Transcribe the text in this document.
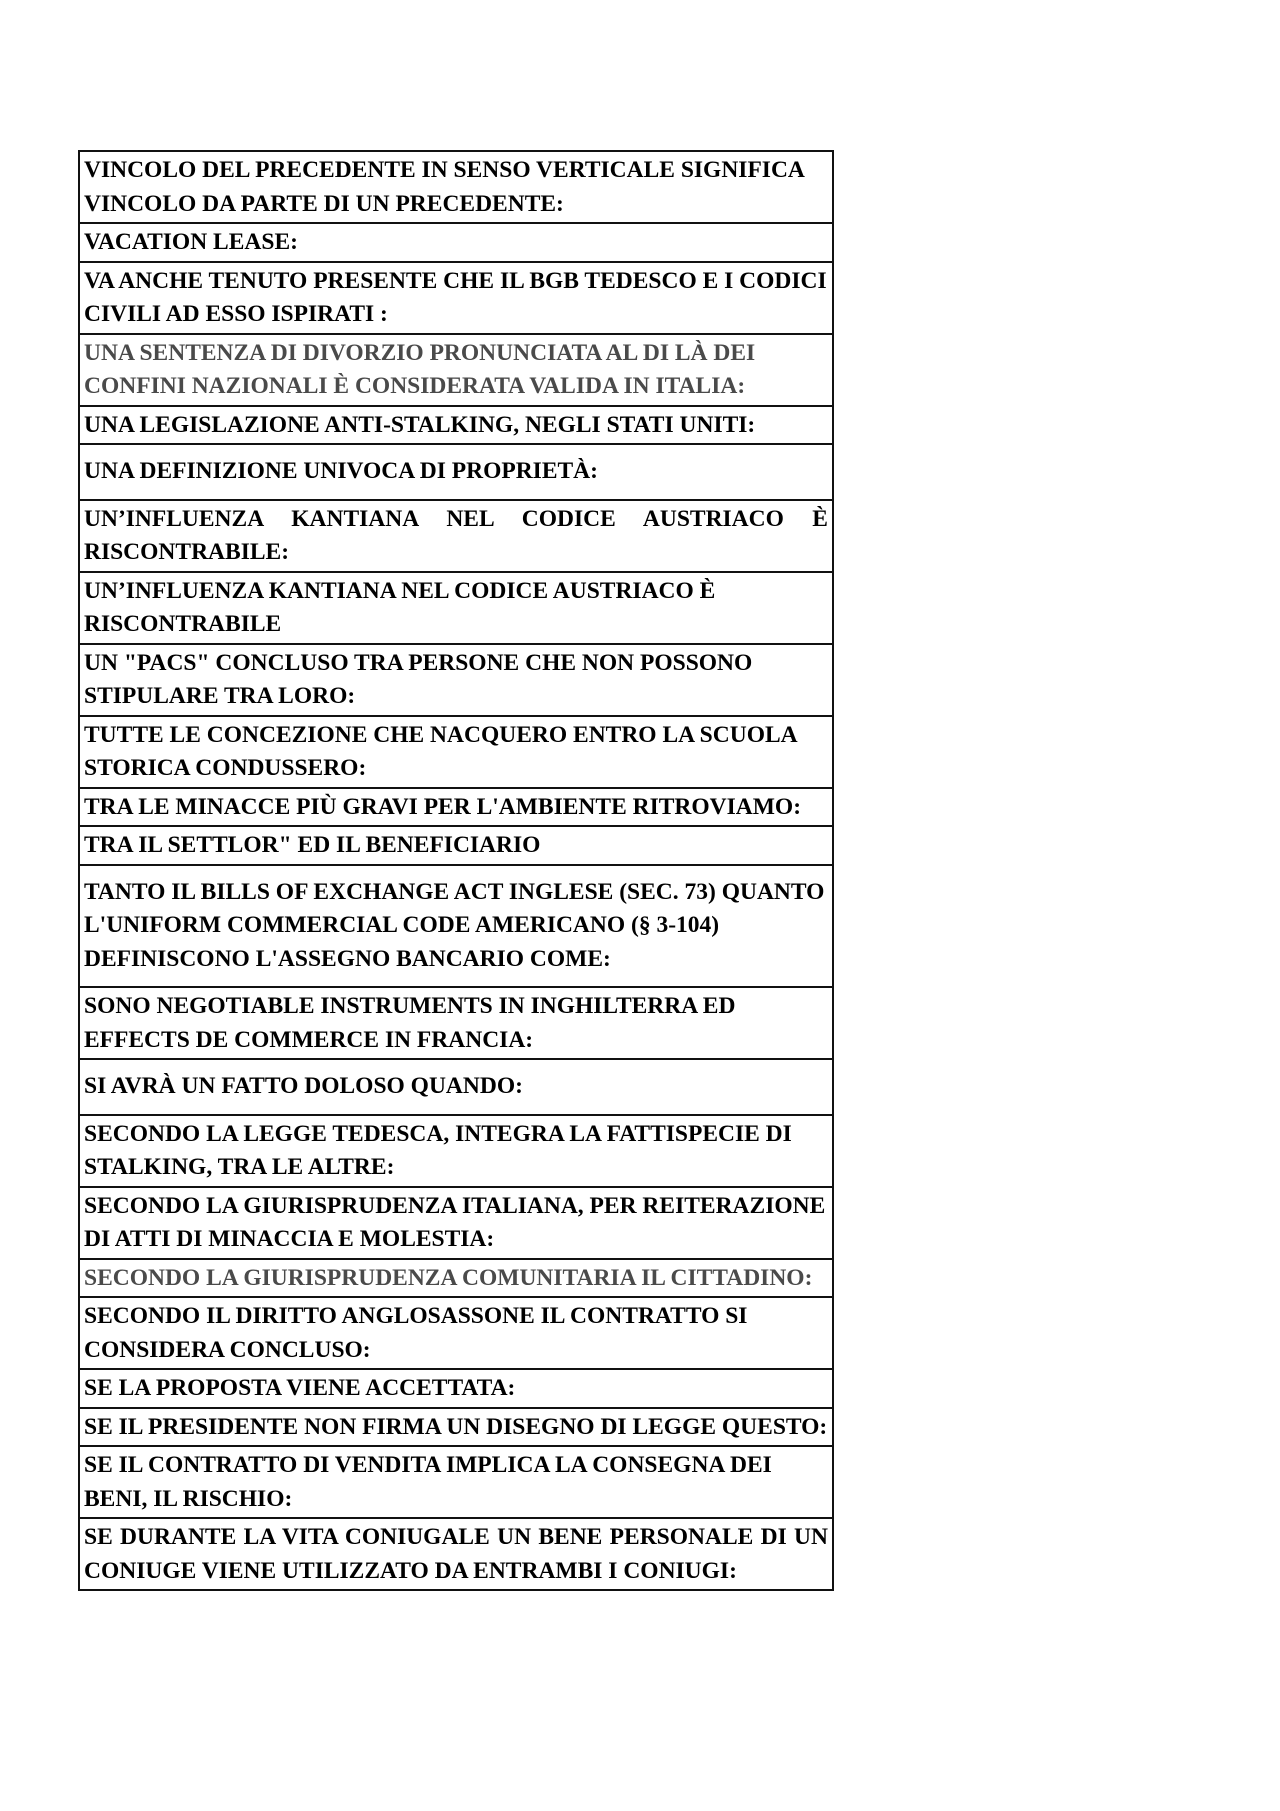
VINCOLO DEL PRECEDENTE IN SENSO VERTICALE SIGNIFICA VINCOLO DA PARTE DI UN PRECEDENTE:
VACATION LEASE:
VA ANCHE TENUTO PRESENTE CHE IL BGB TEDESCO E I CODICI CIVILI AD ESSO ISPIRATI :
UNA SENTENZA DI DIVORZIO PRONUNCIATA AL DI LÀ DEI CONFINI NAZIONALI È CONSIDERATA VALIDA IN ITALIA:
UNA LEGISLAZIONE ANTI-STALKING, NEGLI STATI UNITI:
UNA DEFINIZIONE UNIVOCA DI PROPRIETÀ:
UN’INFLUENZA KANTIANA NEL CODICE AUSTRIACO È RISCONTRABILE:
UN’INFLUENZA KANTIANA NEL CODICE AUSTRIACO È RISCONTRABILE
UN "PACS" CONCLUSO TRA PERSONE CHE NON POSSONO STIPULARE TRA LORO:
TUTTE LE CONCEZIONE CHE NACQUERO ENTRO LA SCUOLA STORICA CONDUSSERO:
TRA LE MINACCE PIÙ GRAVI PER L'AMBIENTE RITROVIAMO:
TRA IL SETTLOR" ED IL BENEFICIARIO
TANTO IL BILLS OF EXCHANGE ACT INGLESE (SEC. 73) QUANTO L'UNIFORM COMMERCIAL CODE AMERICANO (§ 3-104) DEFINISCONO L'ASSEGNO BANCARIO COME:
SONO NEGOTIABLE INSTRUMENTS IN INGHILTERRA ED EFFECTS DE COMMERCE IN FRANCIA:
SI AVRÀ UN FATTO DOLOSO QUANDO:
SECONDO LA LEGGE TEDESCA, INTEGRA LA FATTISPECIE DI STALKING, TRA LE ALTRE:
SECONDO LA GIURISPRUDENZA ITALIANA, PER REITERAZIONE DI ATTI DI MINACCIA E MOLESTIA:
SECONDO LA GIURISPRUDENZA COMUNITARIA IL CITTADINO:
SECONDO IL DIRITTO ANGLOSASSONE IL CONTRATTO SI CONSIDERA CONCLUSO:
SE LA PROPOSTA VIENE ACCETTATA:
SE IL PRESIDENTE NON FIRMA UN DISEGNO DI LEGGE QUESTO:
SE IL CONTRATTO DI VENDITA IMPLICA LA CONSEGNA DEI BENI, IL RISCHIO:
SE DURANTE LA VITA CONIUGALE UN BENE PERSONALE DI UN CONIUGE VIENE UTILIZZATO DA ENTRAMBI I CONIUGI:
